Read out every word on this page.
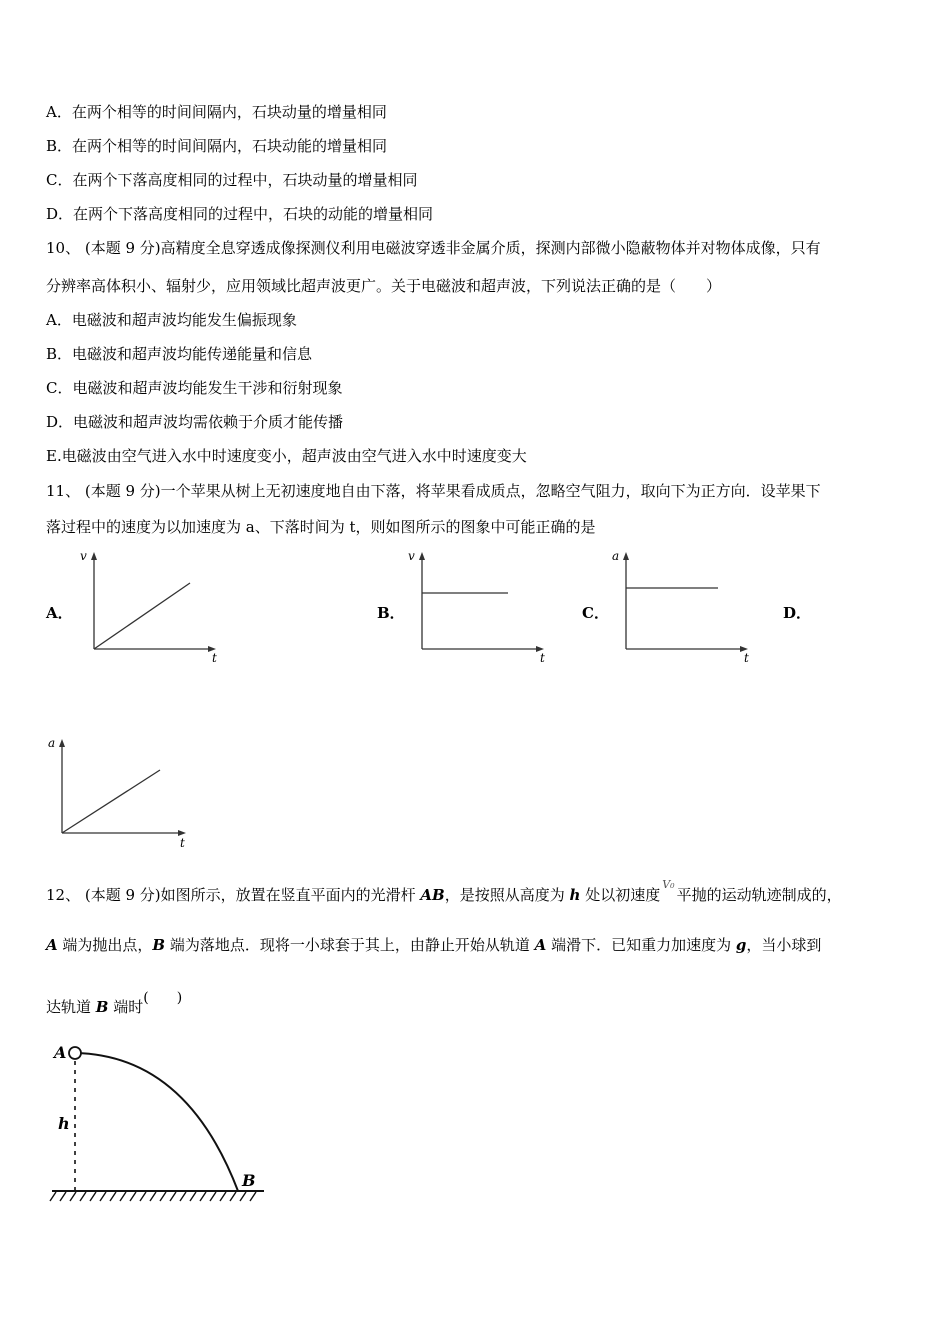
A．在两个相等的时间间隔内，石块动量的增量相同
B．在两个相等的时间间隔内，石块动能的增量相同
C．在两个下落高度相同的过程中，石块动量的增量相同
D．在两个下落高度相同的过程中，石块的动能的增量相同
10、 (本题 9 分)高精度全息穿透成像探测仪利用电磁波穿透非金属介质，探测内部微小隐蔽物体并对物体成像，只有
分辨率高体积小、辐射少，应用领域比超声波更广。关于电磁波和超声波，下列说法正确的是（　　）
A．电磁波和超声波均能发生偏振现象
B．电磁波和超声波均能传递能量和信息
C．电磁波和超声波均能发生干涉和衍射现象
D．电磁波和超声波均需依赖于介质才能传播
E.电磁波由空气进入水中时速度变小，超声波由空气进入水中时速度变大
11、 (本题 9 分)一个苹果从树上无初速度地自由下落，将苹果看成质点，忽略空气阻力，取向下为正方向．设苹果下
落过程中的速度为以加速度为 a、下落时间为 t，则如图所示的图象中可能正确的是
A．	B．	C．	D．
v
t
v
t
a
t
a
t
12、 (本题 9 分)如图所示，放置在竖直平面内的光滑杆 AB，是按照从高度为 h 处以初速度$^{V_0}$平抛的运动轨迹制成的，
A 端为抛出点，B 端为落地点．现将一小球套于其上，由静止开始从轨道 A 端滑下．已知重力加速度为 g，当小球到
达轨道 B 端时(　　)
A
B
h
